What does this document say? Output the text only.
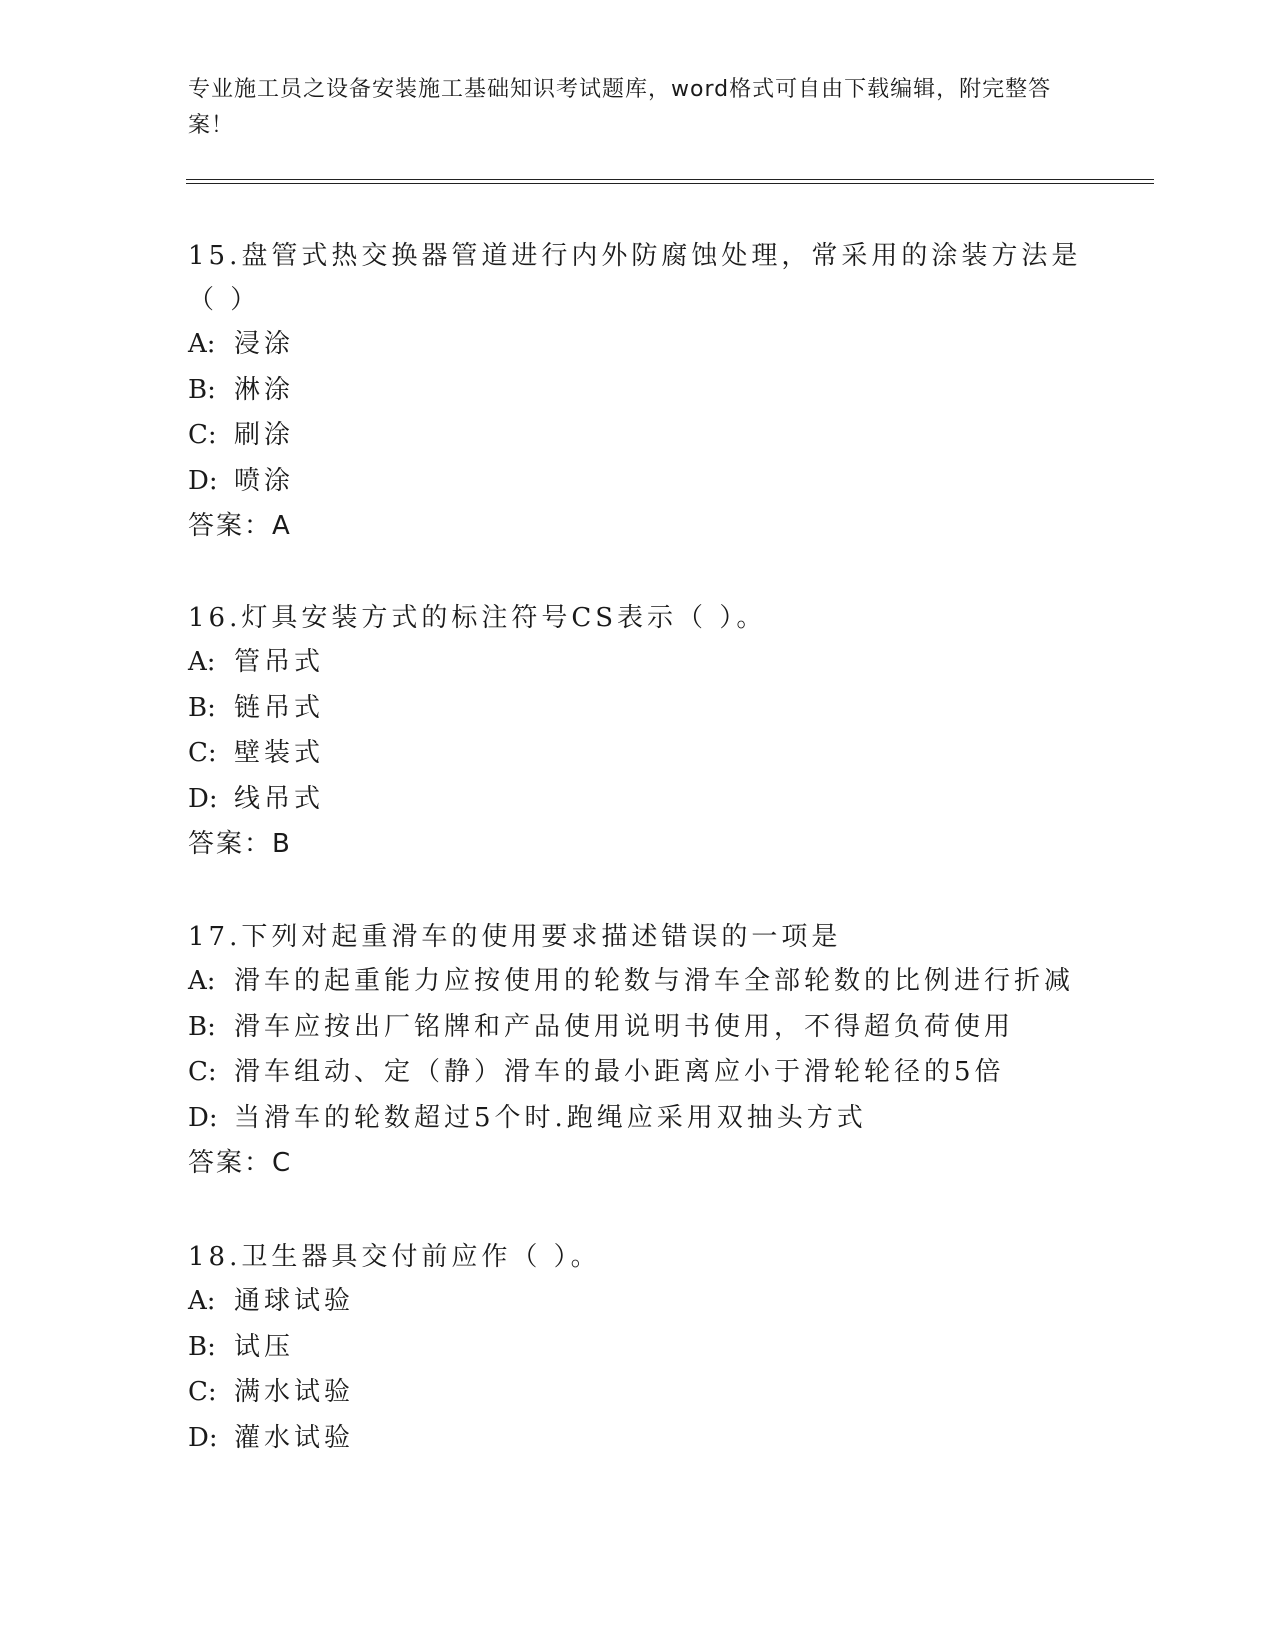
专业施工员之设备安装施工基础知识考试题库，word格式可自由下载编辑，附完整答案！

15.盘管式热交换器管道进行内外防腐蚀处理，常采用的涂装方法是（ ）

A: 浸涂

B: 淋涂

C: 刷涂

D: 喷涂

答案：A

16.灯具安装方式的标注符号CS表示（ ）。

A: 管吊式

B: 链吊式

C: 壁装式

D: 线吊式

答案：B

17.下列对起重滑车的使用要求描述错误的一项是

A: 滑车的起重能力应按使用的轮数与滑车全部轮数的比例进行折减

B: 滑车应按出厂铭牌和产品使用说明书使用，不得超负荷使用

C: 滑车组动、定（静）滑车的最小距离应小于滑轮轮径的5倍

D: 当滑车的轮数超过5个时.跑绳应采用双抽头方式

答案：C

18.卫生器具交付前应作（ ）。

A: 通球试验

B: 试压

C: 满水试验

D: 灌水试验
